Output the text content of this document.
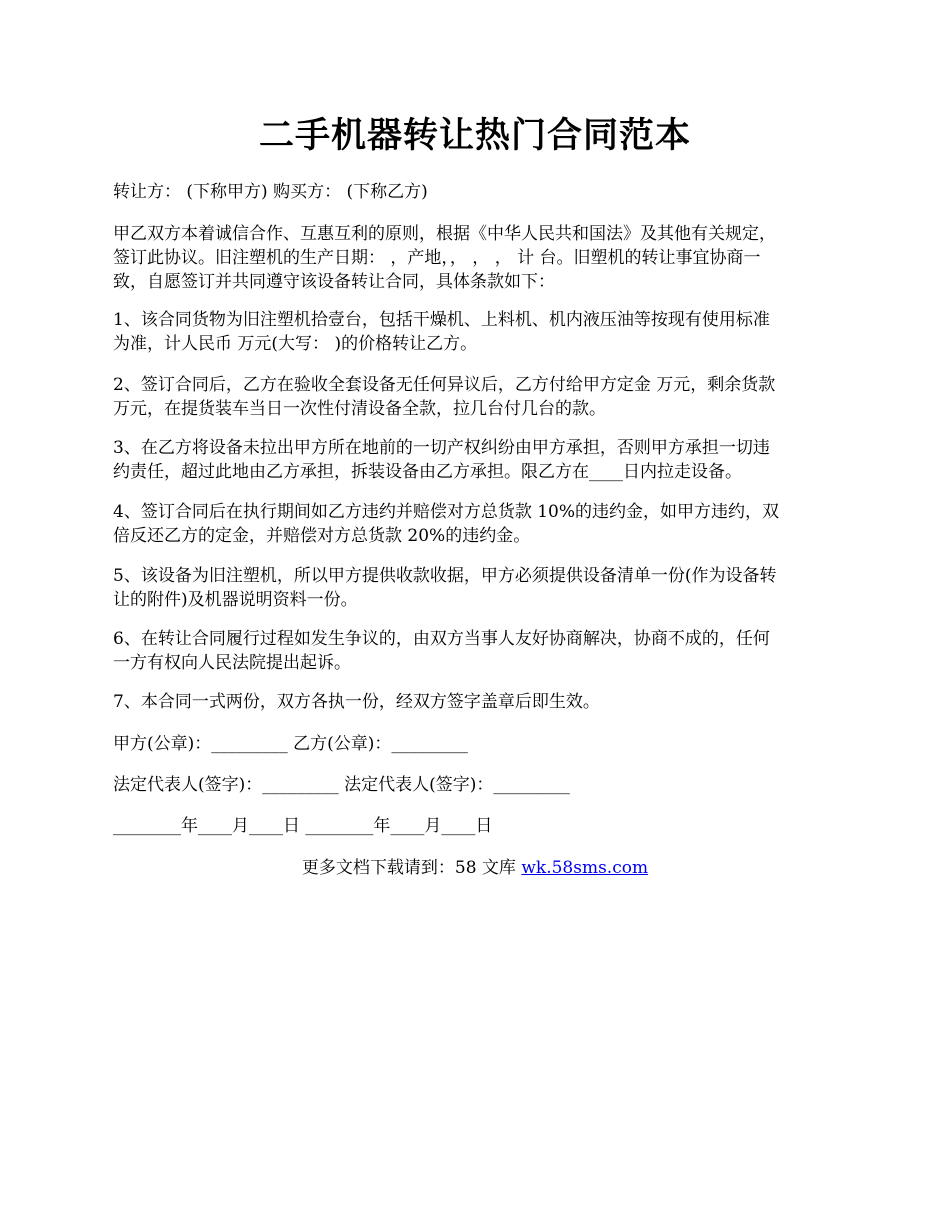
二手机器转让热门合同范本

转让方： (下称甲方) 购买方： (下称乙方)

甲乙双方本着诚信合作、互惠互利的原则，根据《中华人民共和国法》及其他有关规定，

签订此协议。旧注塑机的生产日期： ，产地，， ， ， 计 台。旧塑机的转让事宜协商一

致，自愿签订并共同遵守该设备转让合同，具体条款如下：

1、该合同货物为旧注塑机拾壹台，包括干燥机、上料机、机内液压油等按现有使用标准

为准，计人民币 万元(大写： )的价格转让乙方。

2、签订合同后，乙方在验收全套设备无任何异议后，乙方付给甲方定金 万元，剩余货款

万元，在提货装车当日一次性付清设备全款，拉几台付几台的款。

3、在乙方将设备未拉出甲方所在地前的一切产权纠纷由甲方承担，否则甲方承担一切违

约责任，超过此地由乙方承担，拆装设备由乙方承担。限乙方在____日内拉走设备。

4、签订合同后在执行期间如乙方违约并赔偿对方总货款 10%的违约金，如甲方违约，双

倍反还乙方的定金，并赔偿对方总货款 20%的违约金。

5、该设备为旧注塑机，所以甲方提供收款收据，甲方必须提供设备清单一份(作为设备转

让的附件)及机器说明资料一份。

6、在转让合同履行过程如发生争议的，由双方当事人友好协商解决，协商不成的，任何

一方有权向人民法院提出起诉。

7、本合同一式两份，双方各执一份，经双方签字盖章后即生效。

甲方(公章)：_________ 乙方(公章)：_________

法定代表人(签字)：_________ 法定代表人(签字)：_________

________年____月____日 ________年____月____日

更多文档下载请到：58 文库 wk.58sms.com
